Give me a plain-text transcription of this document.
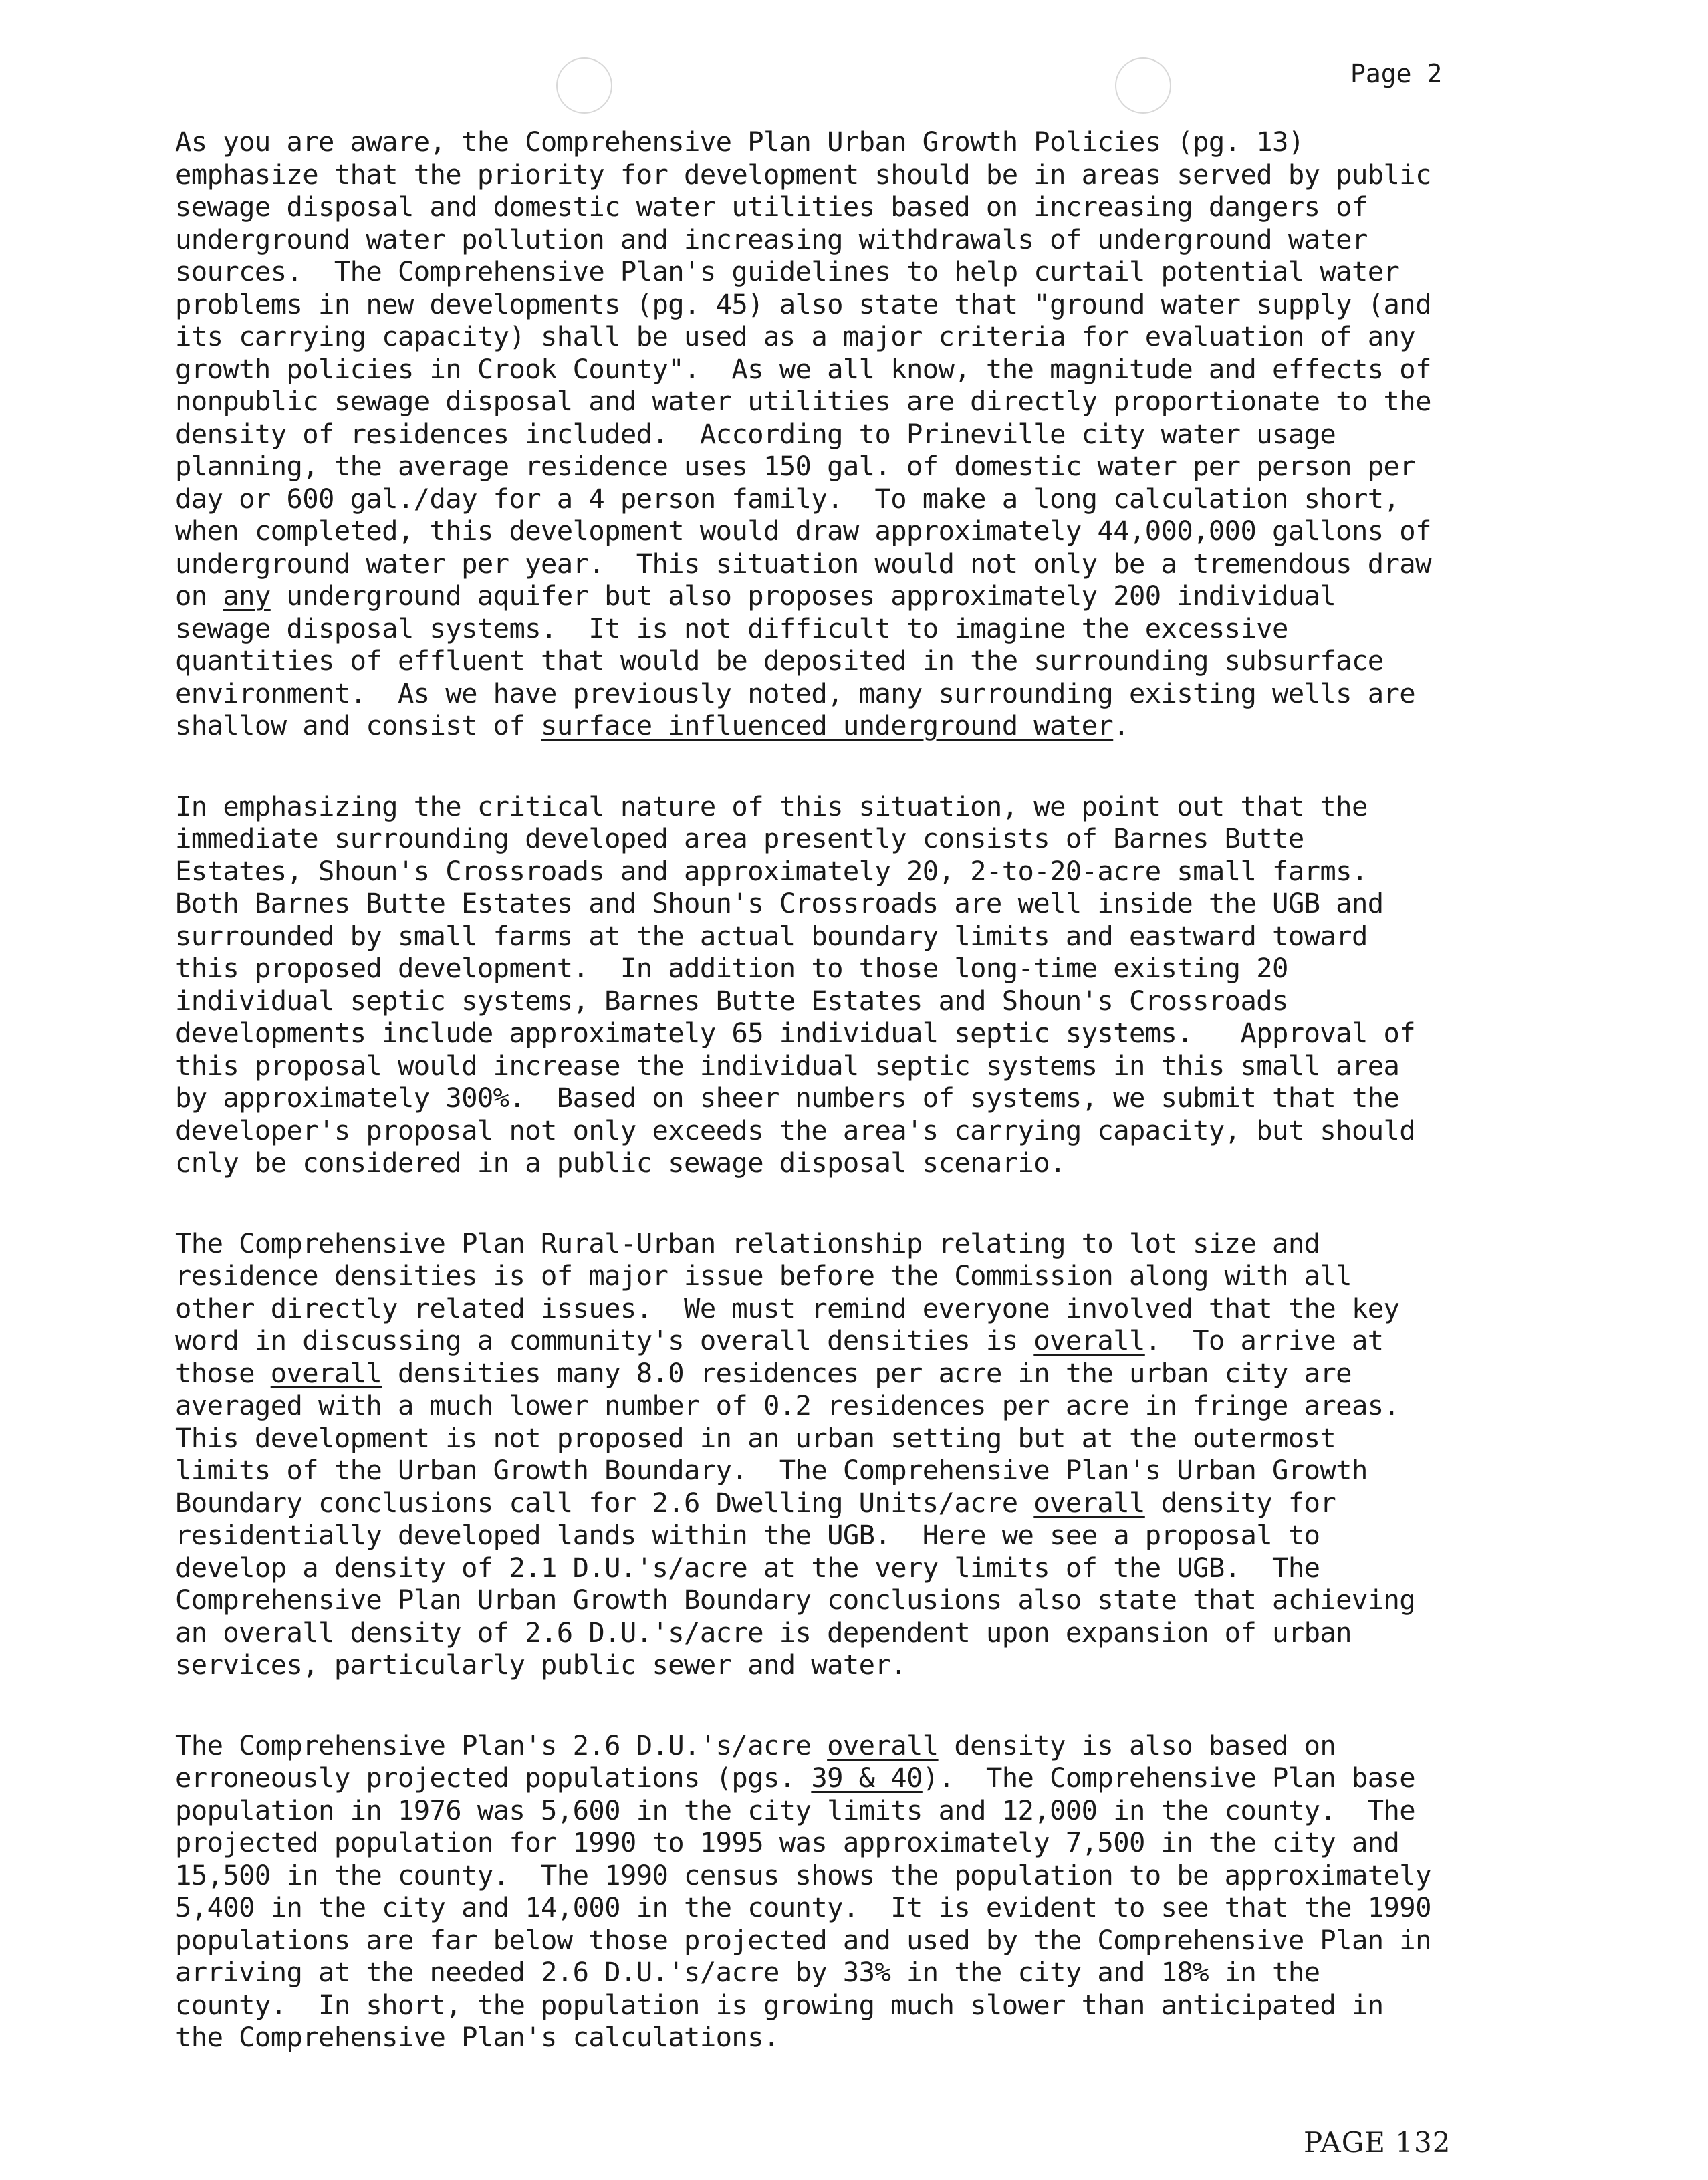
Page 2

As you are aware, the Comprehensive Plan Urban Growth Policies (pg. 13)
emphasize that the priority for development should be in areas served by public
sewage disposal and domestic water utilities based on increasing dangers of
underground water pollution and increasing withdrawals of underground water
sources.  The Comprehensive Plan's guidelines to help curtail potential water
problems in new developments (pg. 45) also state that "ground water supply (and
its carrying capacity) shall be used as a major criteria for evaluation of any
growth policies in Crook County".  As we all know, the magnitude and effects of
nonpublic sewage disposal and water utilities are directly proportionate to the
density of residences included.  According to Prineville city water usage
planning, the average residence uses 150 gal. of domestic water per person per
day or 600 gal./day for a 4 person family.  To make a long calculation short,
when completed, this development would draw approximately 44,000,000 gallons of
underground water per year.  This situation would not only be a tremendous draw
on any underground aquifer but also proposes approximately 200 individual
sewage disposal systems.  It is not difficult to imagine the excessive
quantities of effluent that would be deposited in the surrounding subsurface
environment.  As we have previously noted, many surrounding existing wells are
shallow and consist of surface influenced underground water.

In emphasizing the critical nature of this situation, we point out that the
immediate surrounding developed area presently consists of Barnes Butte
Estates, Shoun's Crossroads and approximately 20, 2-to-20-acre small farms.
Both Barnes Butte Estates and Shoun's Crossroads are well inside the UGB and
surrounded by small farms at the actual boundary limits and eastward toward
this proposed development.  In addition to those long-time existing 20
individual septic systems, Barnes Butte Estates and Shoun's Crossroads
developments include approximately 65 individual septic systems.   Approval of
this proposal would increase the individual septic systems in this small area
by approximately 300%.  Based on sheer numbers of systems, we submit that the
developer's proposal not only exceeds the area's carrying capacity, but should
cnly be considered in a public sewage disposal scenario.

The Comprehensive Plan Rural-Urban relationship relating to lot size and
residence densities is of major issue before the Commission along with all
other directly related issues.  We must remind everyone involved that the key
word in discussing a community's overall densities is overall.  To arrive at
those overall densities many 8.0 residences per acre in the urban city are
averaged with a much lower number of 0.2 residences per acre in fringe areas.
This development is not proposed in an urban setting but at the outermost
limits of the Urban Growth Boundary.  The Comprehensive Plan's Urban Growth
Boundary conclusions call for 2.6 Dwelling Units/acre overall density for
residentially developed lands within the UGB.  Here we see a proposal to
develop a density of 2.1 D.U.'s/acre at the very limits of the UGB.  The
Comprehensive Plan Urban Growth Boundary conclusions also state that achieving
an overall density of 2.6 D.U.'s/acre is dependent upon expansion of urban
services, particularly public sewer and water.

The Comprehensive Plan's 2.6 D.U.'s/acre overall density is also based on
erroneously projected populations (pgs. 39 & 40).  The Comprehensive Plan base
population in 1976 was 5,600 in the city limits and 12,000 in the county.  The
projected population for 1990 to 1995 was approximately 7,500 in the city and
15,500 in the county.  The 1990 census shows the population to be approximately
5,400 in the city and 14,000 in the county.  It is evident to see that the 1990
populations are far below those projected and used by the Comprehensive Plan in
arriving at the needed 2.6 D.U.'s/acre by 33% in the city and 18% in the
county.  In short, the population is growing much slower than anticipated in
the Comprehensive Plan's calculations.

PAGE 132
